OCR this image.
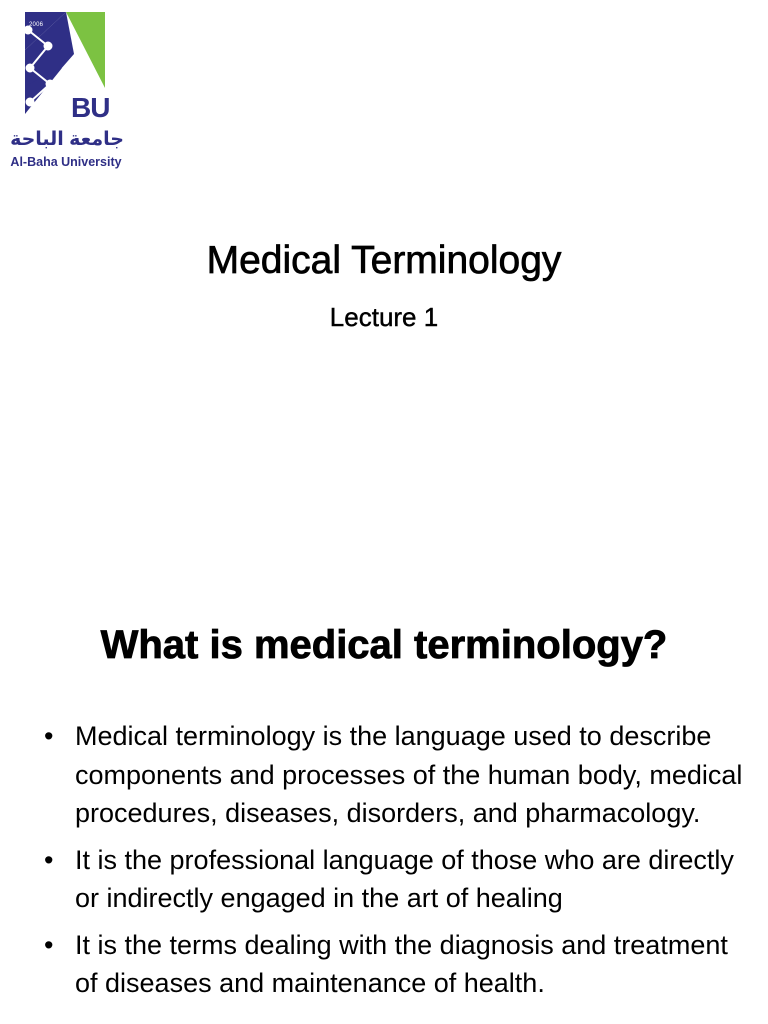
2006
BU
جامعة الباحة
Al-Baha University
Medical Terminology
Lecture 1
What is medical terminology?
• Medical terminology is the language used to describe components and processes of the human body, medical procedures, diseases, disorders, and pharmacology.
• It is the professional language of those who are directly or indirectly engaged in the art of healing
• It is the terms dealing with the diagnosis and treatment of diseases and maintenance of health.
